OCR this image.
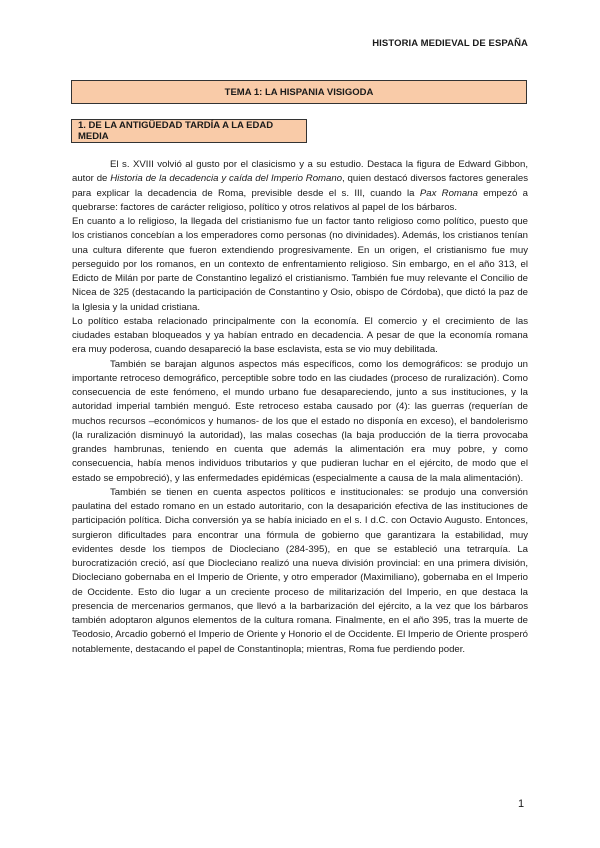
HISTORIA MEDIEVAL DE ESPAÑA
TEMA 1: LA HISPANIA VISIGODA
1. DE LA ANTIGÜEDAD TARDÍA A LA EDAD MEDIA

El s. XVIII volvió al gusto por el clasicismo y a su estudio. Destaca la figura de Edward Gibbon, autor de Historia de la decadencia y caída del Imperio Romano, quien destacó diversos factores generales para explicar la decadencia de Roma, previsible desde el s. III, cuando la Pax Romana empezó a quebrarse: factores de carácter religioso, político y otros relativos al papel de los bárbaros.

En cuanto a lo religioso, la llegada del cristianismo fue un factor tanto religioso como político, puesto que los cristianos concebían a los emperadores como personas (no divinidades). Además, los cristianos tenían una cultura diferente que fueron extendiendo progresivamente. En un origen, el cristianismo fue muy perseguido por los romanos, en un contexto de enfrentamiento religioso. Sin embargo, en el año 313, el Edicto de Milán por parte de Constantino legalizó el cristianismo. También fue muy relevante el Concilio de Nicea de 325 (destacando la participación de Constantino y Osio, obispo de Córdoba), que dictó la paz de la Iglesia y la unidad cristiana.

Lo político estaba relacionado principalmente con la economía. El comercio y el crecimiento de las ciudades estaban bloqueados y ya habían entrado en decadencia. A pesar de que la economía romana era muy poderosa, cuando desapareció la base esclavista, esta se vio muy debilitada.

También se barajan algunos aspectos más específicos, como los demográficos: se produjo un importante retroceso demográfico, perceptible sobre todo en las ciudades (proceso de ruralización). Como consecuencia de este fenómeno, el mundo urbano fue desapareciendo, junto a sus instituciones, y la autoridad imperial también menguó. Este retroceso estaba causado por (4): las guerras (requerían de muchos recursos –económicos y humanos- de los que el estado no disponía en exceso), el bandolerismo (la ruralización disminuyó la autoridad), las malas cosechas (la baja producción de la tierra provocaba grandes hambrunas, teniendo en cuenta que además la alimentación era muy pobre, y como consecuencia, había menos individuos tributarios y que pudieran luchar en el ejército, de modo que el estado se empobreció), y las enfermedades epidémicas (especialmente a causa de la mala alimentación).

También se tienen en cuenta aspectos políticos e institucionales: se produjo una conversión paulatina del estado romano en un estado autoritario, con la desaparición efectiva de las instituciones de participación política. Dicha conversión ya se había iniciado en el s. I d.C. con Octavio Augusto. Entonces, surgieron dificultades para encontrar una fórmula de gobierno que garantizara la estabilidad, muy evidentes desde los tiempos de Diocleciano (284-395), en que se estableció una tetrarquía. La burocratización creció, así que Diocleciano realizó una nueva división provincial: en una primera división, Diocleciano gobernaba en el Imperio de Oriente, y otro emperador (Maximiliano), gobernaba en el Imperio de Occidente. Esto dio lugar a un creciente proceso de militarización del Imperio, en que destaca la presencia de mercenarios germanos, que llevó a la barbarización del ejército, a la vez que los bárbaros también adoptaron algunos elementos de la cultura romana. Finalmente, en el año 395, tras la muerte de Teodosio, Arcadio gobernó el Imperio de Oriente y Honorio el de Occidente. El Imperio de Oriente prosperó notablemente, destacando el papel de Constantinopla; mientras, Roma fue perdiendo poder.

1
